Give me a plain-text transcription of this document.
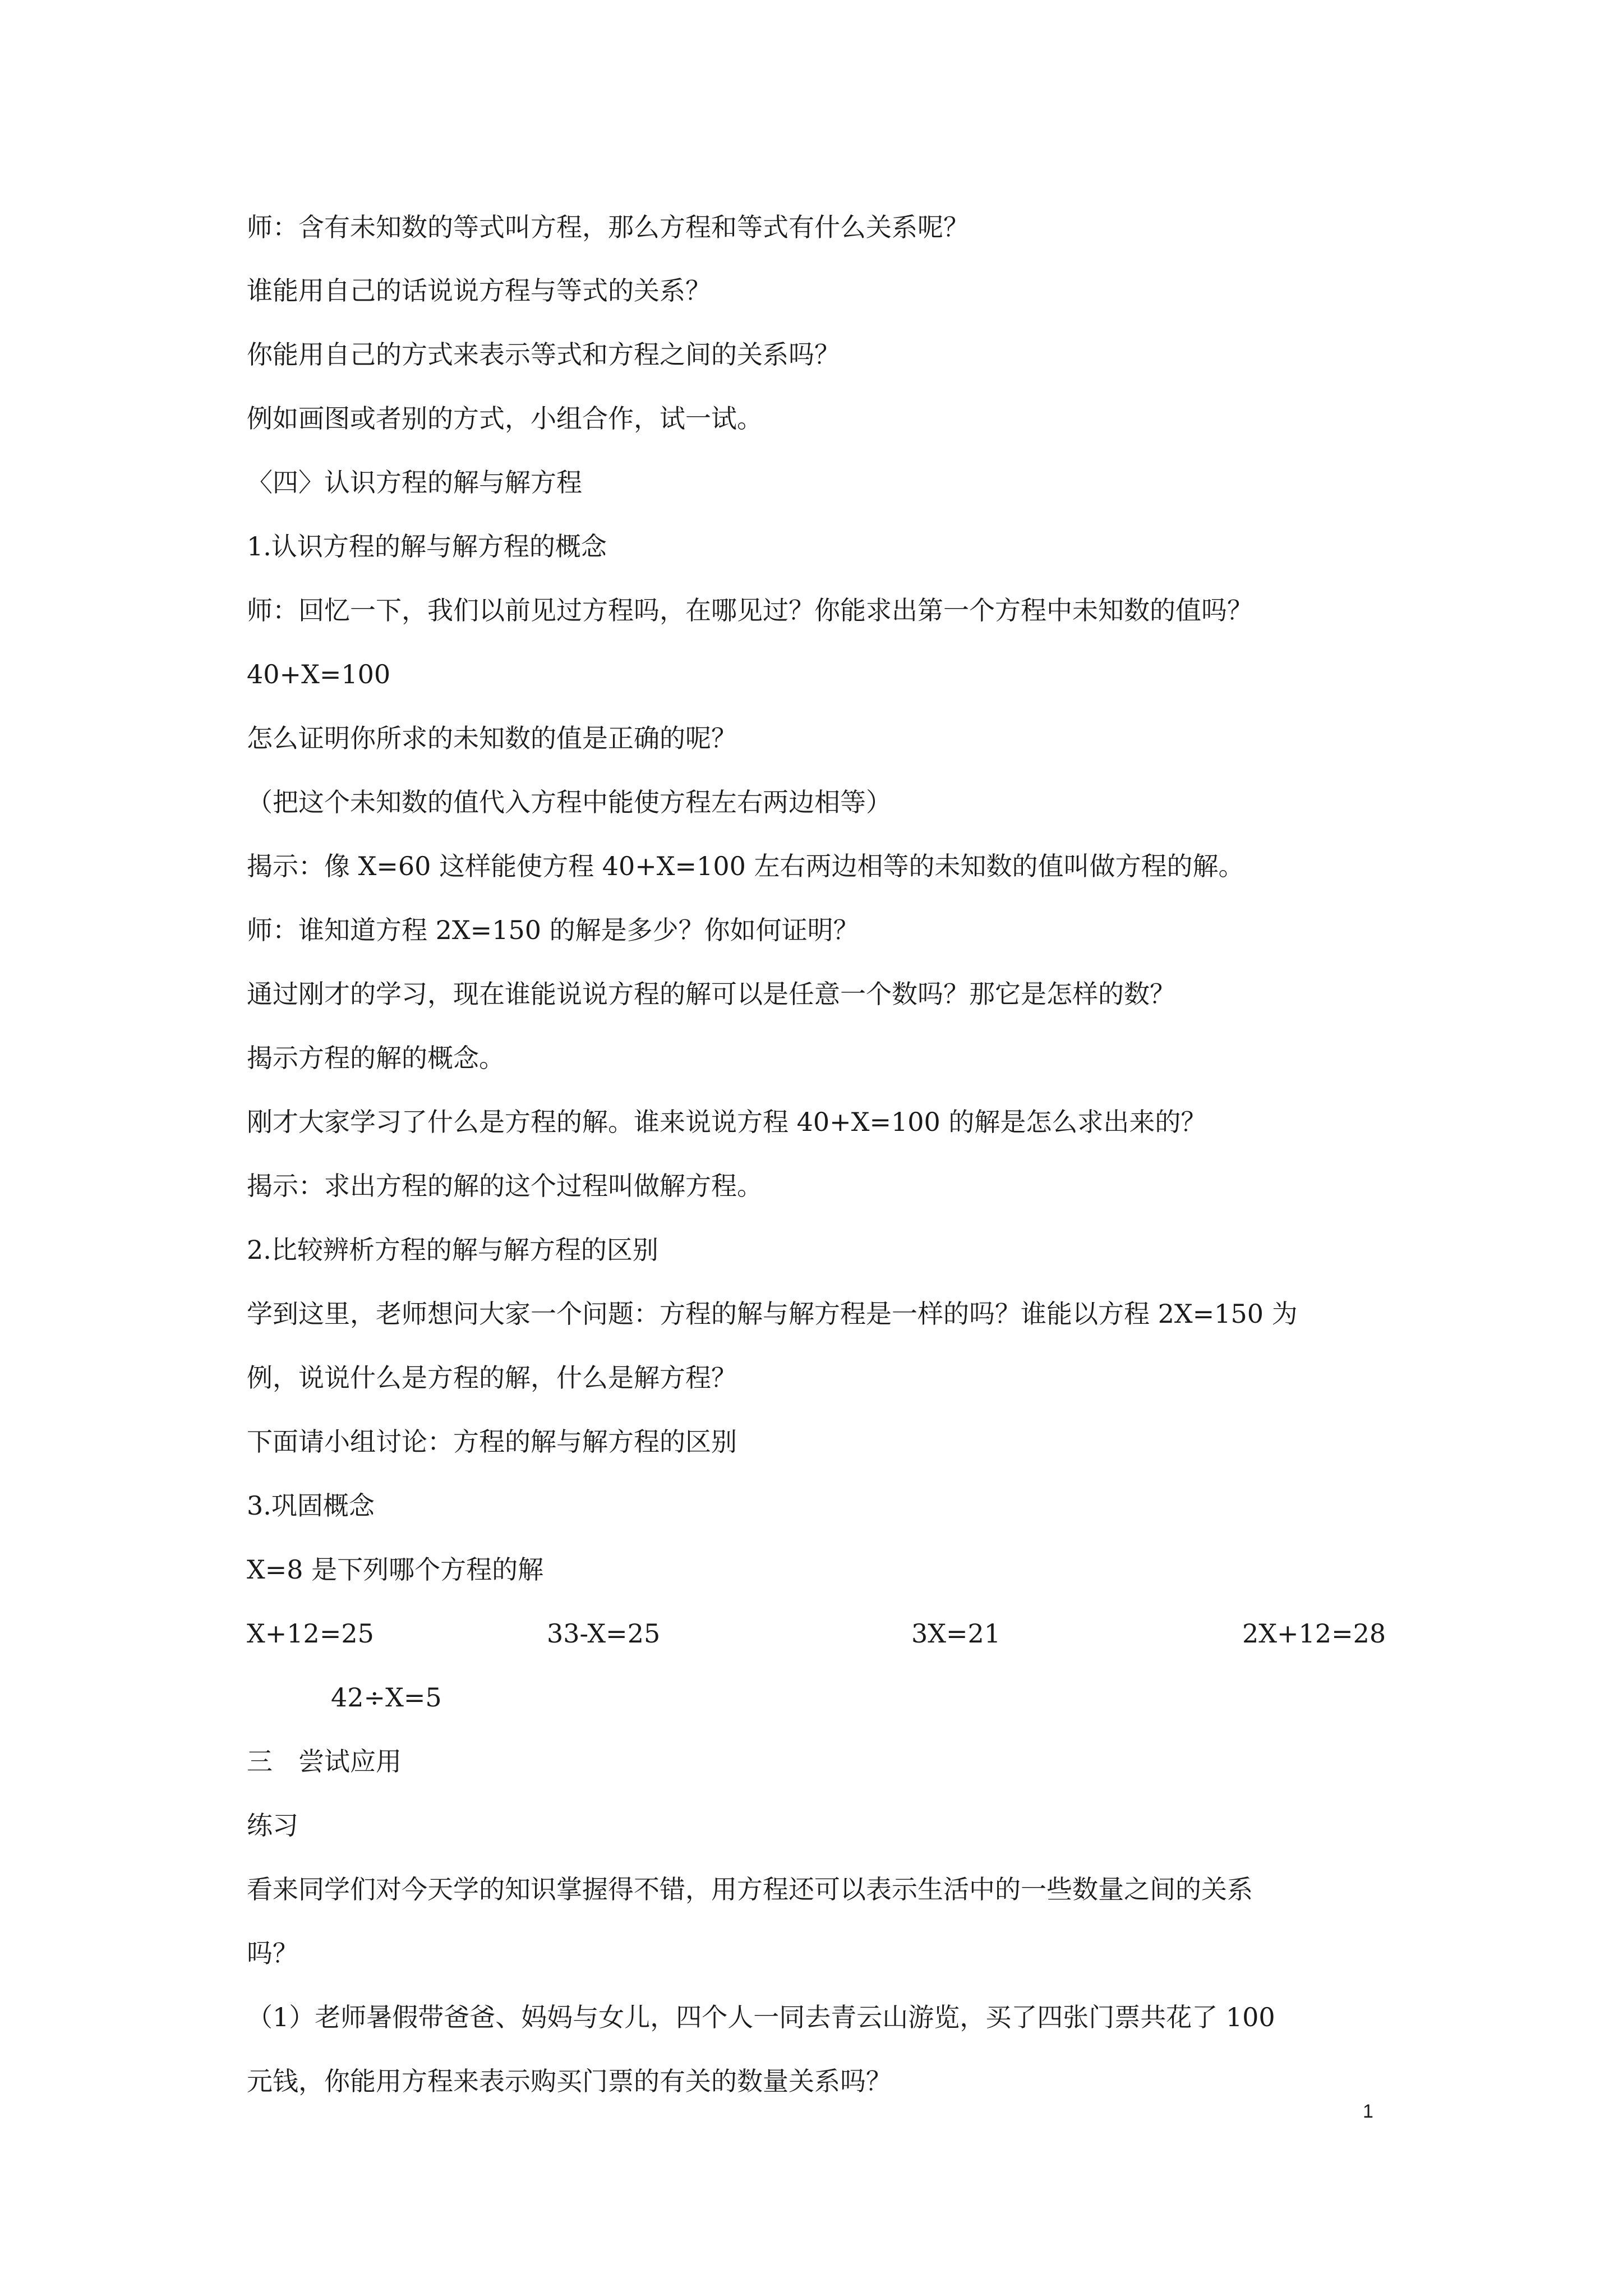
师：含有未知数的等式叫方程，那么方程和等式有什么关系呢？
谁能用自己的话说说方程与等式的关系？
你能用自己的方式来表示等式和方程之间的关系吗？
例如画图或者别的方式，小组合作，试一试。
〈四〉认识方程的解与解方程
1.认识方程的解与解方程的概念
师：回忆一下，我们以前见过方程吗，在哪见过？你能求出第一个方程中未知数的值吗？
40+X=100
怎么证明你所求的未知数的值是正确的呢？
（把这个未知数的值代入方程中能使方程左右两边相等）
揭示：像 X=60 这样能使方程 40+X=100 左右两边相等的未知数的值叫做方程的解。
师：谁知道方程 2X=150 的解是多少？你如何证明？
通过刚才的学习，现在谁能说说方程的解可以是任意一个数吗？那它是怎样的数？
揭示方程的解的概念。
刚才大家学习了什么是方程的解。谁来说说方程 40+X=100 的解是怎么求出来的？
揭示：求出方程的解的这个过程叫做解方程。
2.比较辨析方程的解与解方程的区别
学到这里，老师想问大家一个问题：方程的解与解方程是一样的吗？谁能以方程 2X=150 为
例，说说什么是方程的解，什么是解方程？
下面请小组讨论：方程的解与解方程的区别
3.巩固概念
X=8 是下列哪个方程的解
X+12=25	33-X=25	3X=21	2X+12=28
42÷X=5
三　尝试应用
练习
看来同学们对今天学的知识掌握得不错，用方程还可以表示生活中的一些数量之间的关系
吗？
（1）老师暑假带爸爸、妈妈与女儿，四个人一同去青云山游览，买了四张门票共花了 100
元钱，你能用方程来表示购买门票的有关的数量关系吗？
1
